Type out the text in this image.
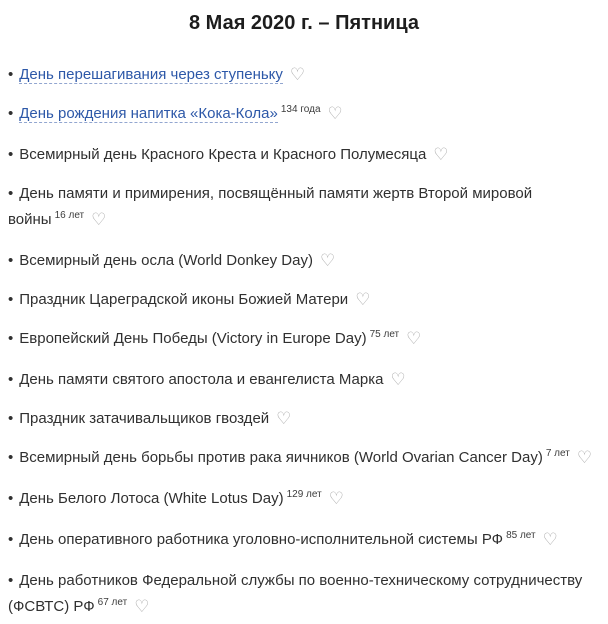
8 Мая 2020 г. – Пятница

• День перешагивания через ступеньку ♡

• День рождения напитка «Кока-Кола» $^{134 года}$ ♡

• Всемирный день Красного Креста и Красного Полумесяца ♡

• День памяти и примирения, посвящённый памяти жертв Второй мировой войны $^{16 лет}$ ♡

• Всемирный день осла (World Donkey Day) ♡

• Праздник Цареградской иконы Божией Матери ♡

• Европейский День Победы (Victory in Europe Day) $^{75 лет}$ ♡

• День памяти святого апостола и евангелиста Марка ♡

• Праздник затачивальщиков гвоздей ♡

• Всемирный день борьбы против рака яичников (World Ovarian Cancer Day) $^{7 лет}$ ♡

• День Белого Лотоса (White Lotus Day) $^{129 лет}$ ♡

• День оперативного работника уголовно-исполнительной системы РФ $^{85 лет}$ ♡

• День работников Федеральной службы по военно-техническому сотрудничеству (ФСВТС) РФ $^{67 лет}$ ♡
